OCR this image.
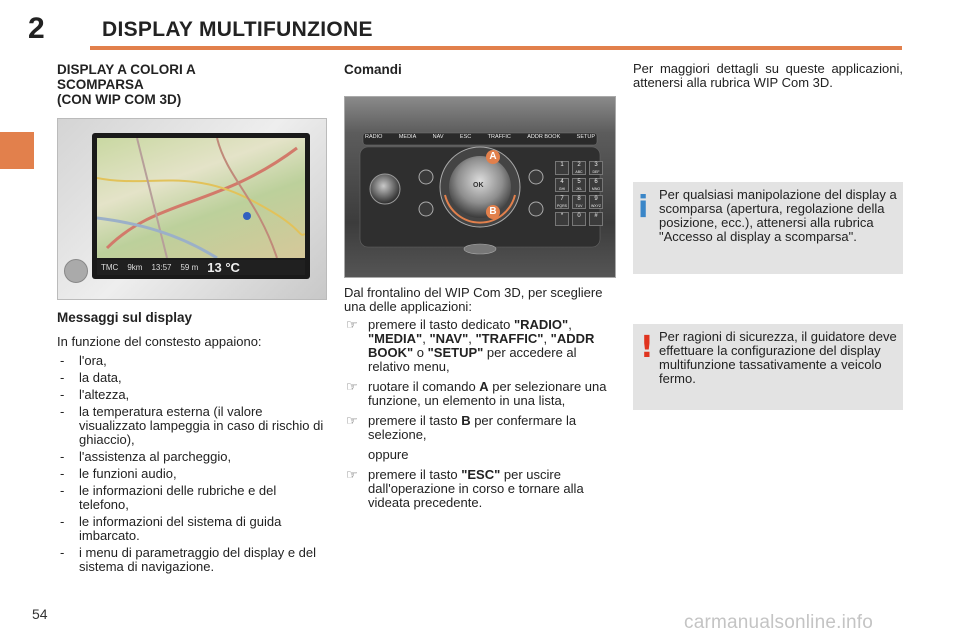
2	DISPLAY MULTIFUNZIONE
DISPLAY A COLORI A
SCOMPARSA
(CON WIP COM 3D)
TMC 9km 13:57 59 m 13 °C
Messaggi sul display

In funzione del constesto appaiono:

- l'ora,
- la data,
- l'altezza,
- la temperatura esterna (il valore visualizzato lampeggia in caso di rischio di ghiaccio),
- l'assistenza al parcheggio,
- le funzioni audio,
- le informazioni delle rubriche e del telefono,
- le informazioni del sistema di guida imbarcato.
- i menu di parametraggio del display e del sistema di navigazione.
Comandi
RADIO	MEDIA	NAV	ESC	TRAFFIC	ADDR BOOK	SETUP
OK
A
B
1	2
ABC
3
DEF
4
GHI
5
JKL
6
MNO
7
PQRS
8
TUV
9
WXYZ
*	0	#

Dal frontalino del WIP Com 3D, per scegliere una delle applicazioni:

☞ premere il tasto dedicato "RADIO", "MEDIA", "NAV", "TRAFFIC", "ADDR BOOK" o "SETUP" per accedere al relativo menu,
☞ ruotare il comando A per selezionare una funzione, un elemento in una lista,
☞ premere il tasto B per confermare la selezione,

oppure

☞ premere il tasto "ESC" per uscire dall'operazione in corso e tornare alla videata precedente.

Per maggiori dettagli su queste applicazioni, attenersi alla rubrica WIP Com 3D.

i Per qualsiasi manipolazione del display a scomparsa (apertura, regolazione della posizione, ecc.), attenersi alla rubrica "Accesso al display a scomparsa".
! Per ragioni di sicurezza, il guidatore deve effettuare la configurazione del display multifunzione tassativamente a veicolo fermo.
54	carmanualsonline.info
